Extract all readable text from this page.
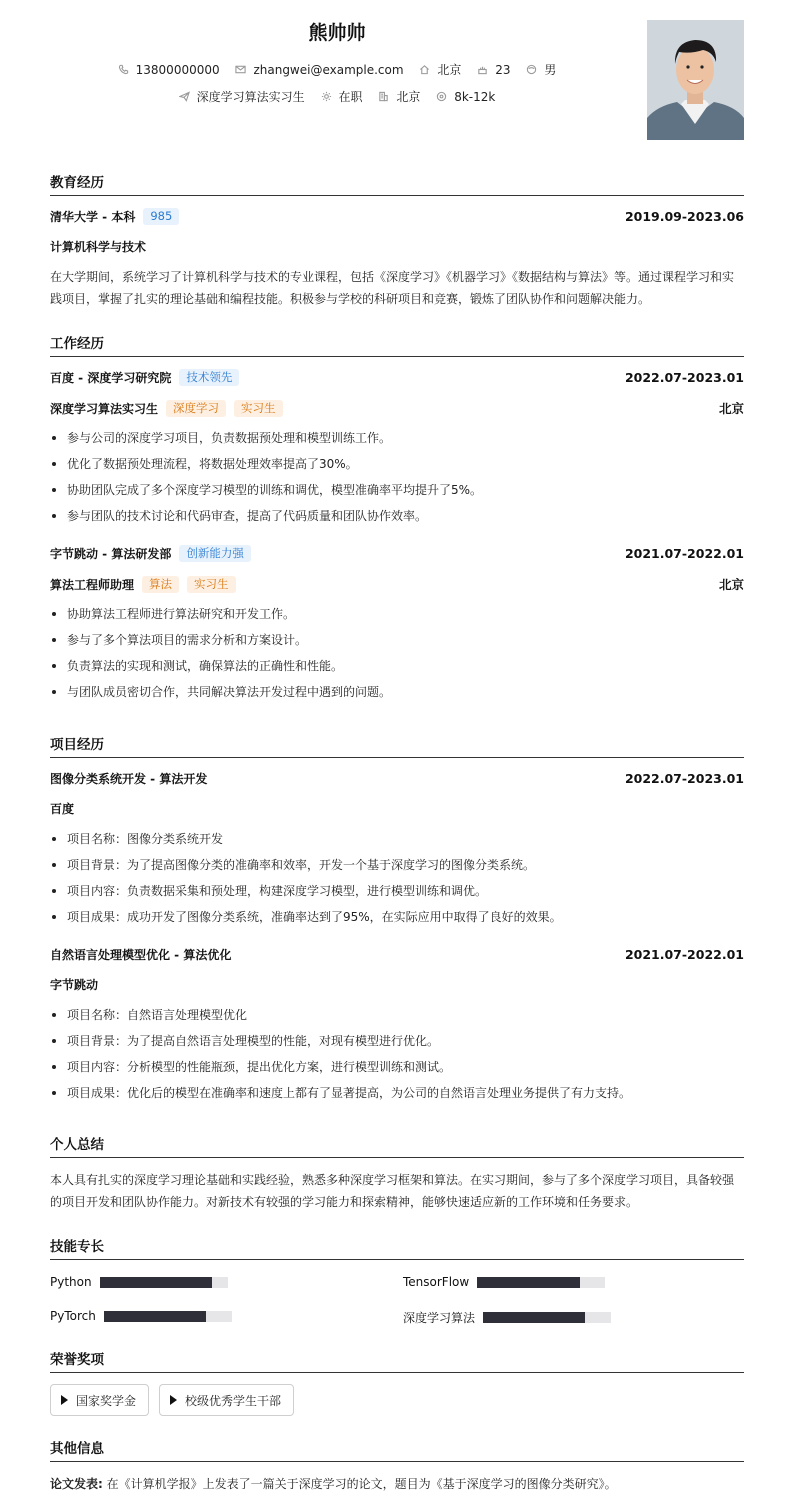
熊帅帅
13800000000
	zhangwei@example.com
	北京
	23
	男
深度学习算法实习生
	在职
	北京
	8k-12k
教育经历
清华大学 - 本科	985	2019.09-2023.06
计算机科学与技术
在大学期间，系统学习了计算机科学与技术的专业课程，包括《深度学习》《机器学习》《数据结构与算法》等。通过课程学习和实践项目，掌握了扎实的理论基础和编程技能。积极参与学校的科研项目和竞赛，锻炼了团队协作和问题解决能力。
工作经历
百度 - 深度学习研究院	技术领先	2022.07-2023.01
深度学习算法实习生	深度学习	实习生	北京
参与公司的深度学习项目，负责数据预处理和模型训练工作。
优化了数据预处理流程，将数据处理效率提高了30%。
协助团队完成了多个深度学习模型的训练和调优，模型准确率平均提升了5%。
参与团队的技术讨论和代码审查，提高了代码质量和团队协作效率。
字节跳动 - 算法研发部	创新能力强	2021.07-2022.01
算法工程师助理	算法	实习生	北京
协助算法工程师进行算法研究和开发工作。
参与了多个算法项目的需求分析和方案设计。
负责算法的实现和测试，确保算法的正确性和性能。
与团队成员密切合作，共同解决算法开发过程中遇到的问题。
项目经历
图像分类系统开发 - 算法开发	2022.07-2023.01
百度
项目名称：图像分类系统开发
项目背景：为了提高图像分类的准确率和效率，开发一个基于深度学习的图像分类系统。
项目内容：负责数据采集和预处理，构建深度学习模型，进行模型训练和调优。
项目成果：成功开发了图像分类系统，准确率达到了95%，在实际应用中取得了良好的效果。
自然语言处理模型优化 - 算法优化	2021.07-2022.01
字节跳动
项目名称：自然语言处理模型优化
项目背景：为了提高自然语言处理模型的性能，对现有模型进行优化。
项目内容：分析模型的性能瓶颈，提出优化方案，进行模型训练和测试。
项目成果：优化后的模型在准确率和速度上都有了显著提高，为公司的自然语言处理业务提供了有力支持。
个人总结
本人具有扎实的深度学习理论基础和实践经验，熟悉多种深度学习框架和算法。在实习期间，参与了多个深度学习项目，具备较强的项目开发和团队协作能力。对新技术有较强的学习能力和探索精神，能够快速适应新的工作环境和任务要求。
技能专长
Python	TensorFlow
PyTorch	深度学习算法
荣誉奖项
国家奖学金	校级优秀学生干部
其他信息
论文发表: 在《计算机学报》上发表了一篇关于深度学习的论文，题目为《基于深度学习的图像分类研究》。
